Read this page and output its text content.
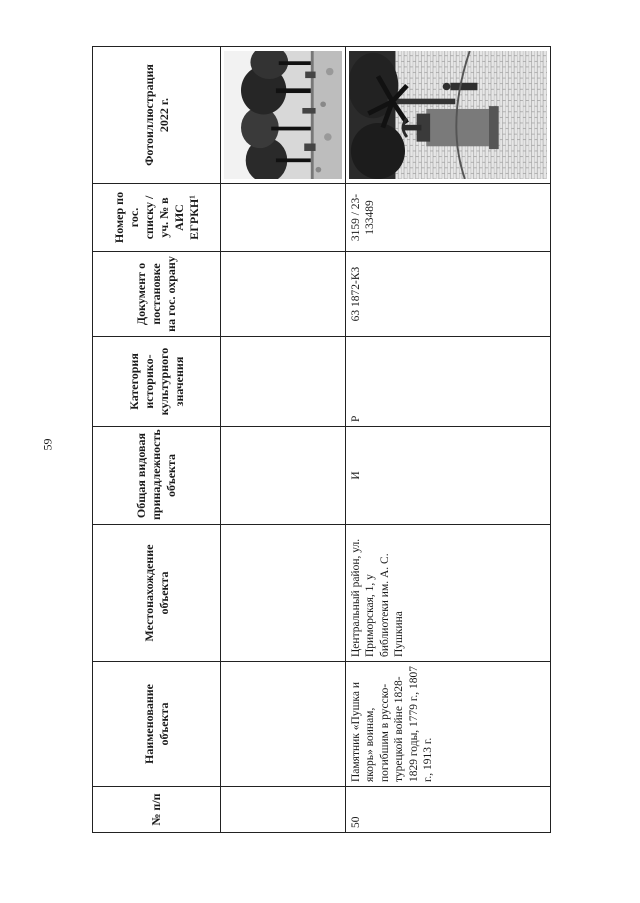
59
№ п/п	Наименование объекта	Местонахождение объекта	Общая видовая принадлежность объекта	Категория историко-культурного значения	Документ о постановке на гос. охрану	Номер по гос. списку /уч. № в АИС ЕГРКН¹	Фотоиллюстрация 2022 г.

50	Памятник «Пушка и якорь» воинам, погибшим в русско-турецкой войне 1828-1829 годы, 1779 г., 1807 г., 1913 г.	Центральный район, ул. Приморская, 1, у библиотеки им. А. С. Пушкина	И	Р	63 1872-КЗ	3159 / 23-133489	
